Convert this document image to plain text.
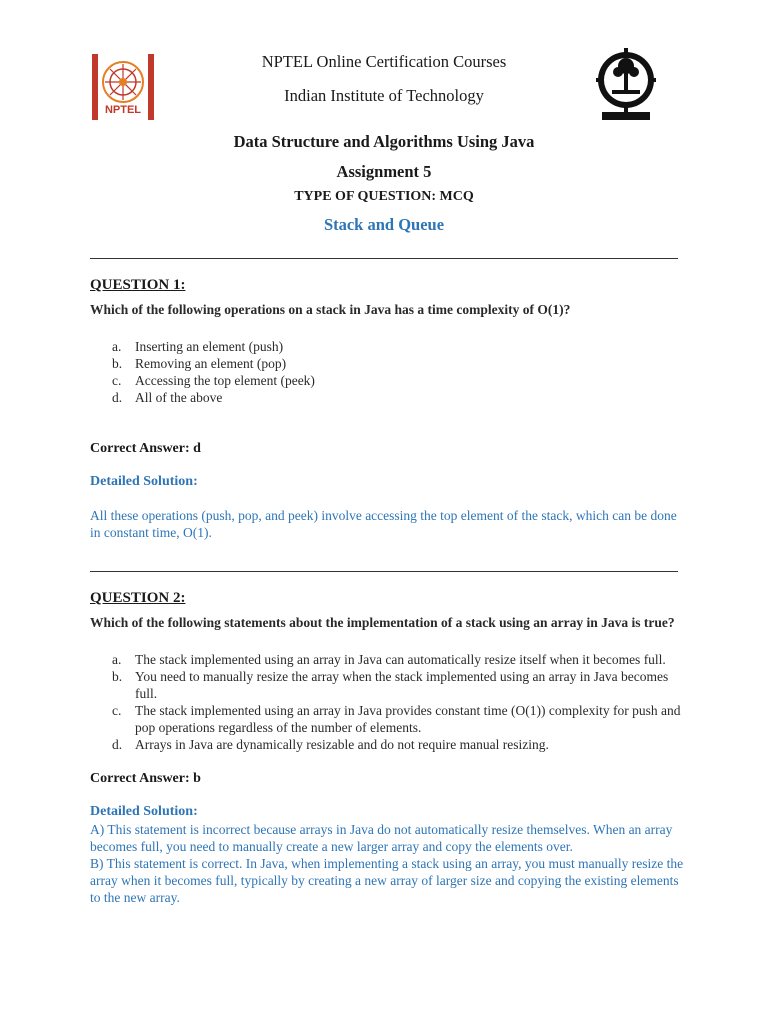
NPTEL
NPTEL Online Certification Courses
Indian Institute of Technology
Data Structure and Algorithms Using Java
Assignment 5
TYPE OF QUESTION: MCQ
Stack and Queue
QUESTION 1:
Which of the following operations on a stack in Java has a time complexity of O(1)?
a. Inserting an element (push)
b. Removing an element (pop)
c. Accessing the top element (peek)
d. All of the above
Correct Answer: d
Detailed Solution:
All these operations (push, pop, and peek) involve accessing the top element of the stack, which can be done in constant time, O(1).
QUESTION 2:
Which of the following statements about the implementation of a stack using an array in Java is true?
a. The stack implemented using an array in Java can automatically resize itself when it becomes full.
b. You need to manually resize the array when the stack implemented using an array in Java becomes full.
c. The stack implemented using an array in Java provides constant time (O(1)) complexity for push and pop operations regardless of the number of elements.
d. Arrays in Java are dynamically resizable and do not require manual resizing.
Correct Answer: b
Detailed Solution:
A) This statement is incorrect because arrays in Java do not automatically resize themselves. When an array becomes full, you need to manually create a new larger array and copy the elements over.
B) This statement is correct. In Java, when implementing a stack using an array, you must manually resize the array when it becomes full, typically by creating a new array of larger size and copying the existing elements to the new array.
